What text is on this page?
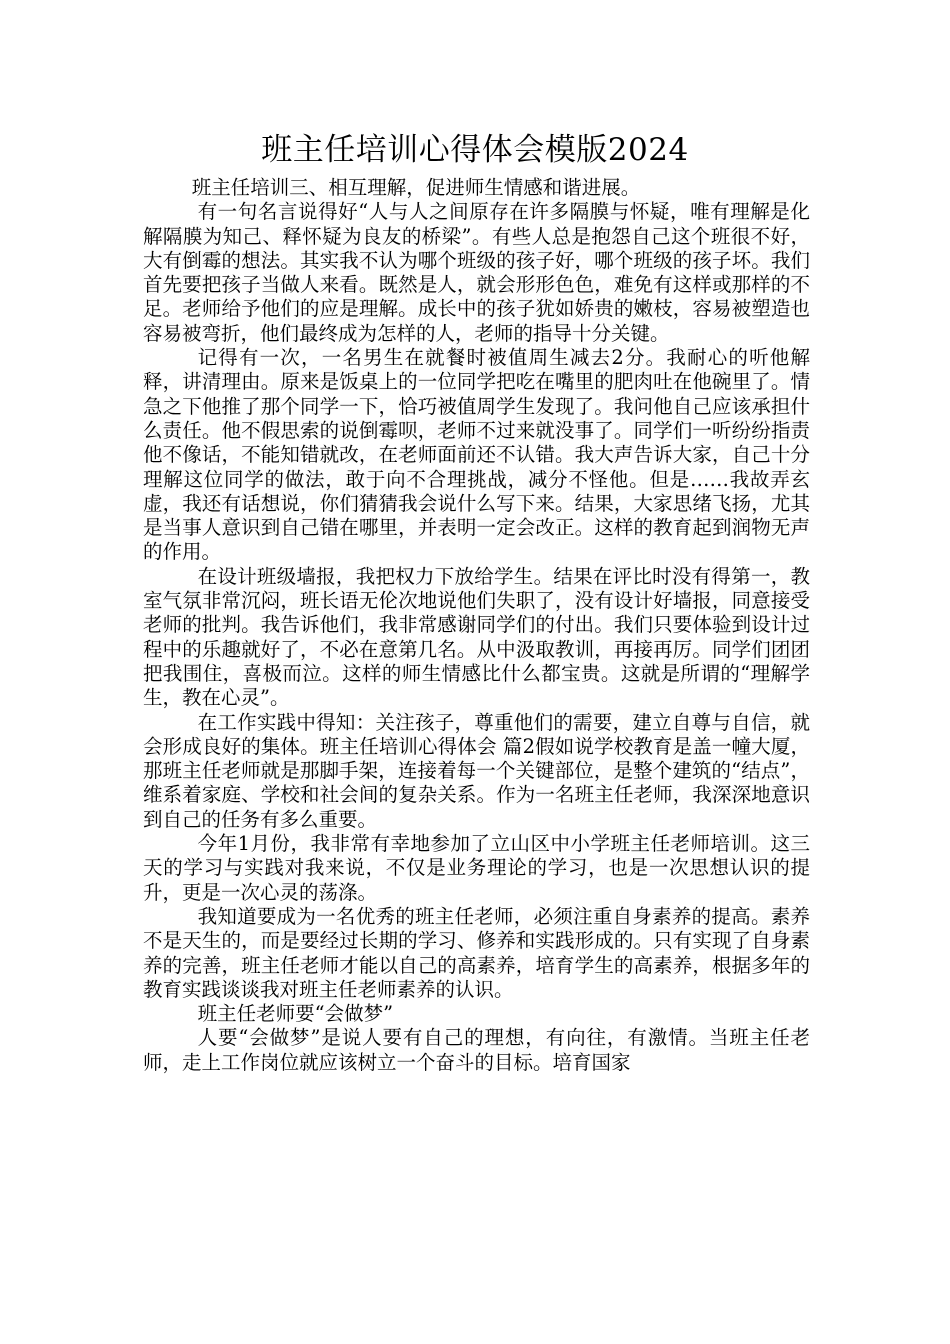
班主任培训心得体会模版2024

班主任培训三、相互理解，促进师生情感和谐进展。

有一句名言说得好“人与人之间原存在许多隔膜与怀疑，唯有理解是化解隔膜为知己、释怀疑为良友的桥梁”。有些人总是抱怨自己这个班很不好，大有倒霉的想法。其实我不认为哪个班级的孩子好，哪个班级的孩子坏。我们首先要把孩子当做人来看。既然是人，就会形形色色，难免有这样或那样的不足。老师给予他们的应是理解。成长中的孩子犹如娇贵的嫩枝，容易被塑造也容易被弯折，他们最终成为怎样的人，老师的指导十分关键。

记得有一次，一名男生在就餐时被值周生减去2分。我耐心的听他解释，讲清理由。原来是饭桌上的一位同学把吃在嘴里的肥肉吐在他碗里了。情急之下他推了那个同学一下，恰巧被值周学生发现了。我问他自己应该承担什么责任。他不假思索的说倒霉呗，老师不过来就没事了。同学们一听纷纷指责他不像话，不能知错就改，在老师面前还不认错。我大声告诉大家，自己十分理解这位同学的做法，敢于向不合理挑战，减分不怪他。但是……我故弄玄虚，我还有话想说，你们猜猜我会说什么写下来。结果，大家思绪飞扬，尤其是当事人意识到自己错在哪里，并表明一定会改正。这样的教育起到润物无声的作用。

在设计班级墙报，我把权力下放给学生。结果在评比时没有得第一，教室气氛非常沉闷，班长语无伦次地说他们失职了，没有设计好墙报，同意接受老师的批判。我告诉他们，我非常感谢同学们的付出。我们只要体验到设计过程中的乐趣就好了，不必在意第几名。从中汲取教训，再接再厉。同学们团团把我围住，喜极而泣。这样的师生情感比什么都宝贵。这就是所谓的“理解学生，教在心灵”。

在工作实践中得知：关注孩子，尊重他们的需要，建立自尊与自信，就会形成良好的集体。班主任培训心得体会 篇2假如说学校教育是盖一幢大厦，那班主任老师就是那脚手架，连接着每一个关键部位，是整个建筑的“结点”，维系着家庭、学校和社会间的复杂关系。作为一名班主任老师，我深深地意识到自己的任务有多么重要。

今年1月份，我非常有幸地参加了立山区中小学班主任老师培训。这三天的学习与实践对我来说，不仅是业务理论的学习，也是一次思想认识的提升，更是一次心灵的荡涤。

我知道要成为一名优秀的班主任老师，必须注重自身素养的提高。素养不是天生的，而是要经过长期的学习、修养和实践形成的。只有实现了自身素养的完善，班主任老师才能以自己的高素养，培育学生的高素养，根据多年的教育实践谈谈我对班主任老师素养的认识。

班主任老师要“会做梦”

人要“会做梦”是说人要有自己的理想，有向往，有激情。当班主任老师，走上工作岗位就应该树立一个奋斗的目标。培育国家
